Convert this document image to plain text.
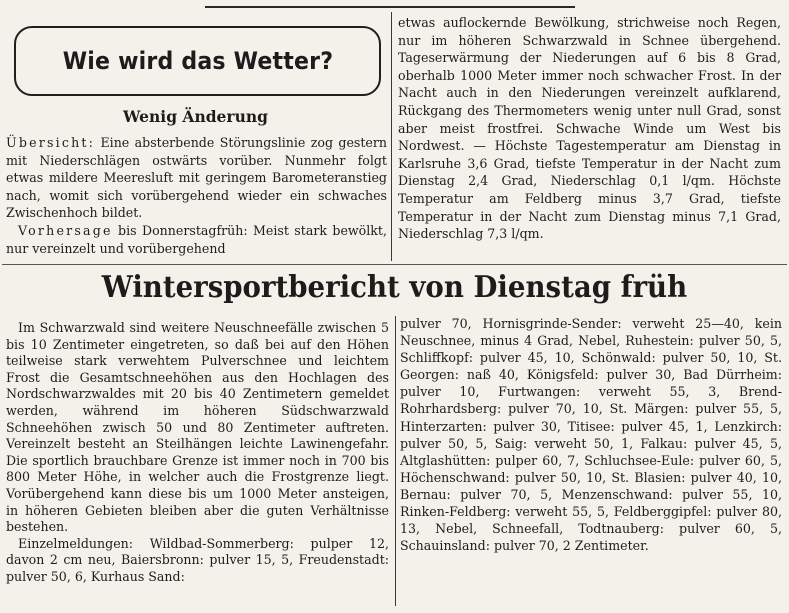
Wie wird das Wetter?
Wenig Änderung

Übersicht: Eine absterbende Störungslinie zog gestern mit Niederschlägen ostwärts vorüber. Nunmehr folgt etwas mildere Meeresluft mit geringem Barometeranstieg nach, womit sich vorübergehend wieder ein schwaches Zwischenhoch bildet.

Vorhersage bis Donnerstagfrüh: Meist stark bewölkt, nur vereinzelt und vorübergehend

etwas auflockernde Bewölkung, strichweise noch Regen, nur im höheren Schwarzwald in Schnee übergehend. Tageserwärmung der Niederungen auf 6 bis 8 Grad, oberhalb 1000 Meter immer noch schwacher Frost. In der Nacht auch in den Niederungen vereinzelt aufklarend, Rückgang des Thermometers wenig unter null Grad, sonst aber meist frostfrei. Schwache Winde um West bis Nordwest. — Höchste Tagestemperatur am Dienstag in Karlsruhe 3,6 Grad, tiefste Temperatur in der Nacht zum Dienstag 2,4 Grad, Niederschlag 0,1 l/qm. Höchste Temperatur am Feldberg minus 3,7 Grad, tiefste Temperatur in der Nacht zum Dienstag minus 7,1 Grad, Niederschlag 7,3 l/qm.

Wintersportbericht von Dienstag früh

Im Schwarzwald sind weitere Neuschneefälle zwischen 5 bis 10 Zentimeter eingetreten, so daß bei auf den Höhen teilweise stark verwehtem Pulverschnee und leichtem Frost die Gesamtschneehöhen aus den Hochlagen des Nordschwarzwaldes mit 20 bis 40 Zentimetern gemeldet werden, während im höheren Südschwarzwald Schneehöhen zwisch 50 und 80 Zentimeter auftreten. Vereinzelt besteht an Steilhängen leichte Lawinengefahr. Die sportlich brauchbare Grenze ist immer noch in 700 bis 800 Meter Höhe, in welcher auch die Frostgrenze liegt. Vorübergehend kann diese bis um 1000 Meter ansteigen, in höheren Gebieten bleiben aber die guten Verhältnisse bestehen.

Einzelmeldungen: Wildbad-Sommerberg: pulper 12, davon 2 cm neu, Baiersbronn: pulver 15, 5, Freudenstadt: pulver 50, 6, Kurhaus Sand:

pulver 70, Hornisgrinde-Sender: verweht 25—40, kein Neuschnee, minus 4 Grad, Nebel, Ruhestein: pulver 50, 5, Schliffkopf: pulver 45, 10, Schönwald: pulver 50, 10, St. Georgen: naß 40, Königsfeld: pulver 30, Bad Dürrheim: pulver 10, Furtwangen: verweht 55, 3, Brend-Rohrhardsberg: pulver 70, 10, St. Märgen: pulver 55, 5, Hinterzarten: pulver 30, Titisee: pulver 45, 1, Lenzkirch: pulver 50, 5, Saig: verweht 50, 1, Falkau: pulver 45, 5, Altglashütten: pulper 60, 7, Schluchsee-Eule: pulver 60, 5, Höchenschwand: pulver 50, 10, St. Blasien: pulver 40, 10, Bernau: pulver 70, 5, Menzenschwand: pulver 55, 10, Rinken-Feldberg: verweht 55, 5, Feldberggipfel: pulver 80, 13, Nebel, Schneefall, Todtnauberg: pulver 60, 5, Schauinsland: pulver 70, 2 Zentimeter.
